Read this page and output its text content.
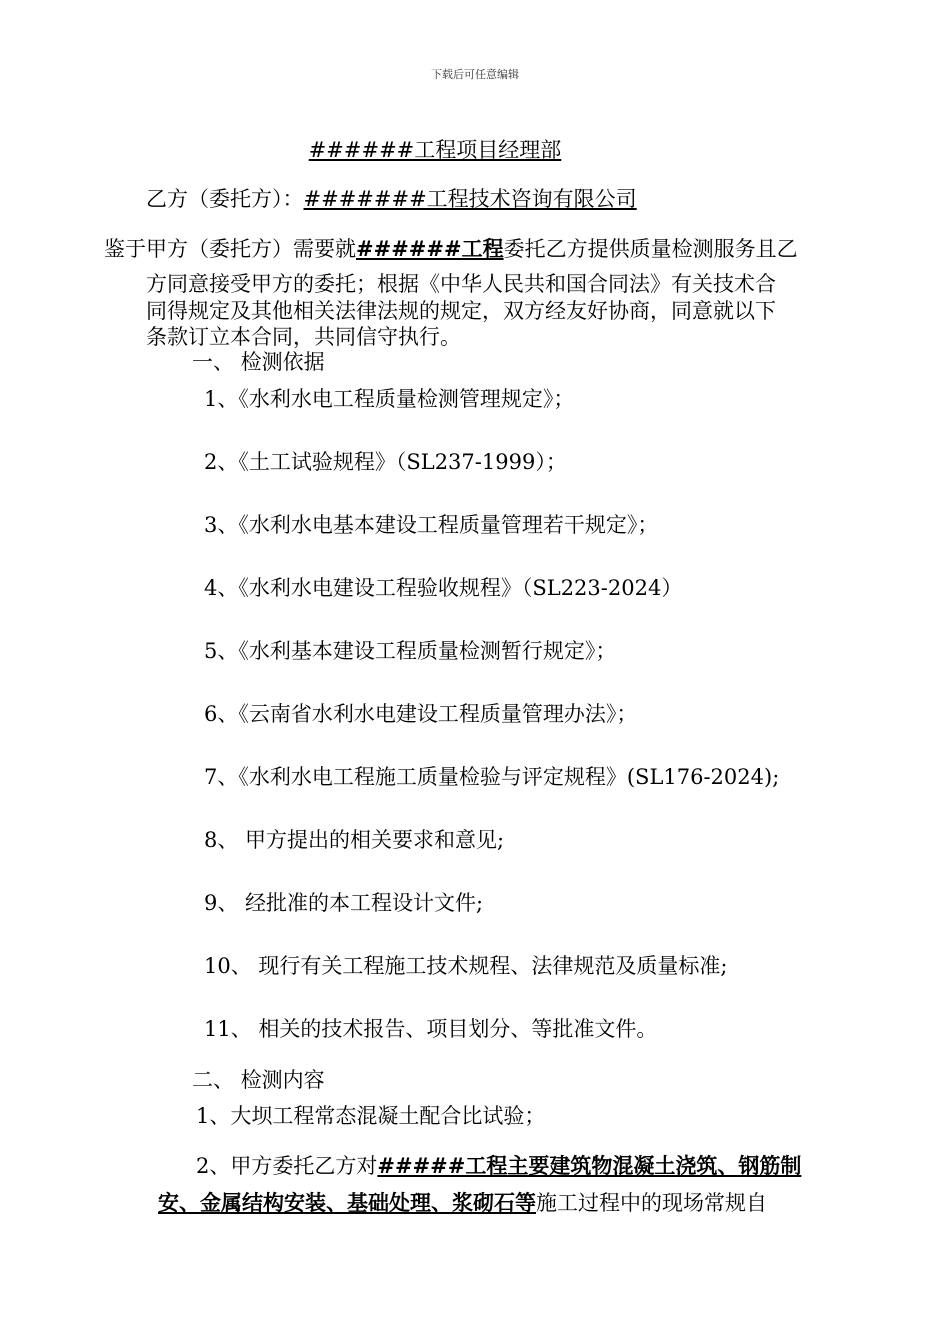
下载后可任意编辑
######工程项目经理部
乙方（委托方）：#######工程技术咨询有限公司
鉴于甲方（委托方）需要就######工程委托乙方提供质量检测服务且乙
方同意接受甲方的委托；根据《中华人民共和国合同法》有关技术合
同得规定及其他相关法律法规的规定，双方经友好协商，同意就以下
条款订立本合同，共同信守执行。
一、 检测依据
1、《水利水电工程质量检测管理规定》；
2、《土工试验规程》（SL237-1999）；
3、《水利水电基本建设工程质量管理若干规定》；
4、《水利水电建设工程验收规程》（SL223-2024）
5、《水利基本建设工程质量检测暂行规定》；
6、《云南省水利水电建设工程质量管理办法》；
7、《水利水电工程施工质量检验与评定规程》(SL176-2024);
8、 甲方提出的相关要求和意见;
9、 经批准的本工程设计文件;
10、 现行有关工程施工技术规程、法律规范及质量标准;
11、 相关的技术报告、项目划分、等批准文件。
二、 检测内容
1、大坝工程常态混凝土配合比试验；
2、甲方委托乙方对#####工程主要建筑物混凝土浇筑、钢筋制
安、金属结构安装、基础处理、浆砌石等施工过程中的现场常规自
